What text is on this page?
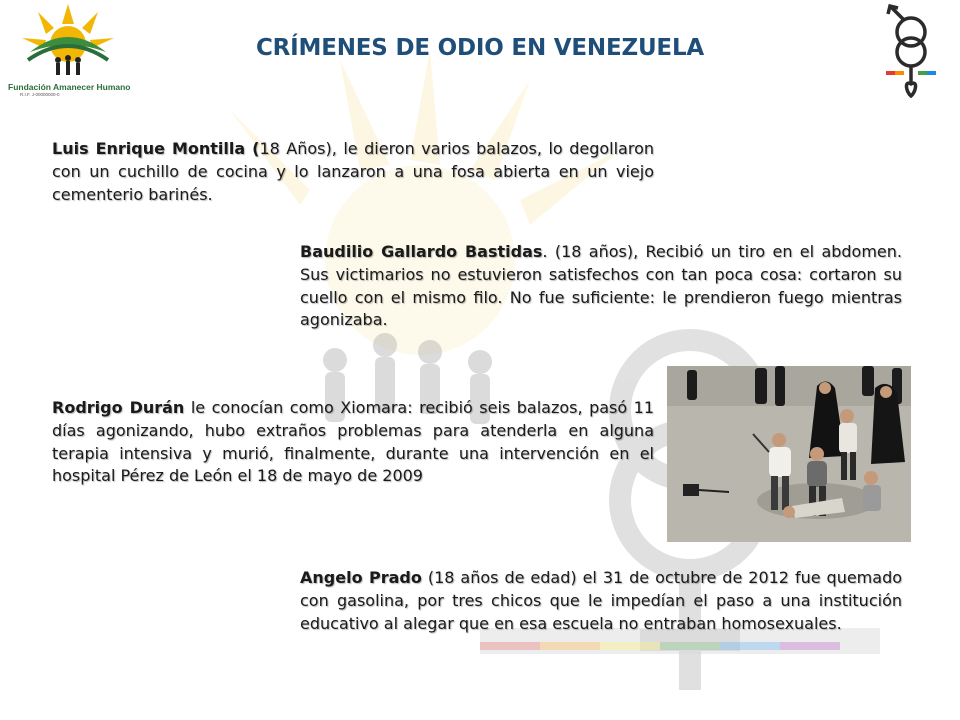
Fundación Amanecer Humano
R.I.F. J-00000000-0
CRÍMENES DE ODIO EN VENEZUELA
Luis Enrique Montilla (18 Años), le dieron varios balazos, lo degollaron con un cuchillo de cocina y lo lanzaron a una fosa abierta en un viejo cementerio barinés.
Baudilio Gallardo Bastidas. (18 años), Recibió un tiro en el abdomen. Sus victimarios no estuvieron satisfechos con tan poca cosa: cortaron su cuello con el mismo filo. No fue suficiente: le prendieron fuego mientras agonizaba.
Rodrigo Durán le conocían como Xiomara: recibió seis balazos, pasó 11 días agonizando, hubo extraños problemas para atenderla en alguna terapia intensiva y murió, finalmente, durante una intervención en el hospital Pérez de León el 18 de mayo de 2009
Angelo Prado (18 años de edad) el 31 de octubre de 2012 fue quemado con gasolina, por tres chicos que le impedían el paso a una institución educativo al alegar que en esa escuela no entraban homosexuales.
